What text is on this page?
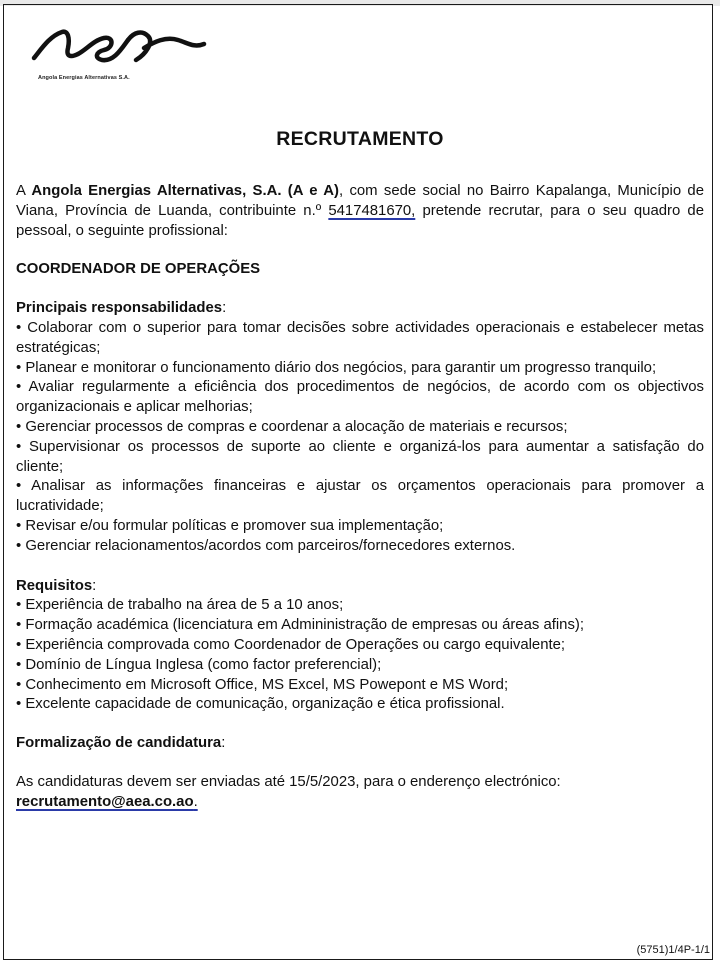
Angola Energias Alternativas S.A.
RECRUTAMENTO

A Angola Energias Alternativas, S.A. (A e A), com sede social no Bairro Kapalanga, Município de Viana, Província de Luanda, contribuinte n.º 5417481670, pretende recrutar, para o seu quadro de pessoal, o seguinte profissional:

COORDENADOR DE OPERAÇÕES

Principais responsabilidades:

• Colaborar com o superior para tomar decisões sobre actividades operacionais e estabelecer metas estratégicas;

• Planear e monitorar o funcionamento diário dos negócios, para garantir um progresso tranquilo;

• Avaliar regularmente a eficiência dos procedimentos de negócios, de acordo com os objectivos organizacionais e aplicar melhorias;

• Gerenciar processos de compras e coordenar a alocação de materiais e recursos;

• Supervisionar os processos de suporte ao cliente e organizá-los para aumentar a satisfação do cliente;

• Analisar as informações financeiras e ajustar os orçamentos operacionais para promover a lucratividade;

• Revisar e/ou formular políticas e promover sua implementação;

• Gerenciar relacionamentos/acordos com parceiros/fornecedores externos.

Requisitos:

• Experiência de trabalho na área de 5 a 10 anos;

• Formação académica (licenciatura em Admininistração de empresas ou áreas afins);

• Experiência comprovada como Coordenador de Operações ou cargo equivalente;

• Domínio de Língua Inglesa (como factor preferencial);

• Conhecimento em Microsoft Office, MS Excel, MS Powepont e MS Word;

• Excelente capacidade de comunicação, organização e ética profissional.

Formalização de candidatura:

As candidaturas devem ser enviadas até 15/5/2023, para o enderenço electrónico:

recrutamento@aea.co.ao.

(5751)1/4P-1/1
